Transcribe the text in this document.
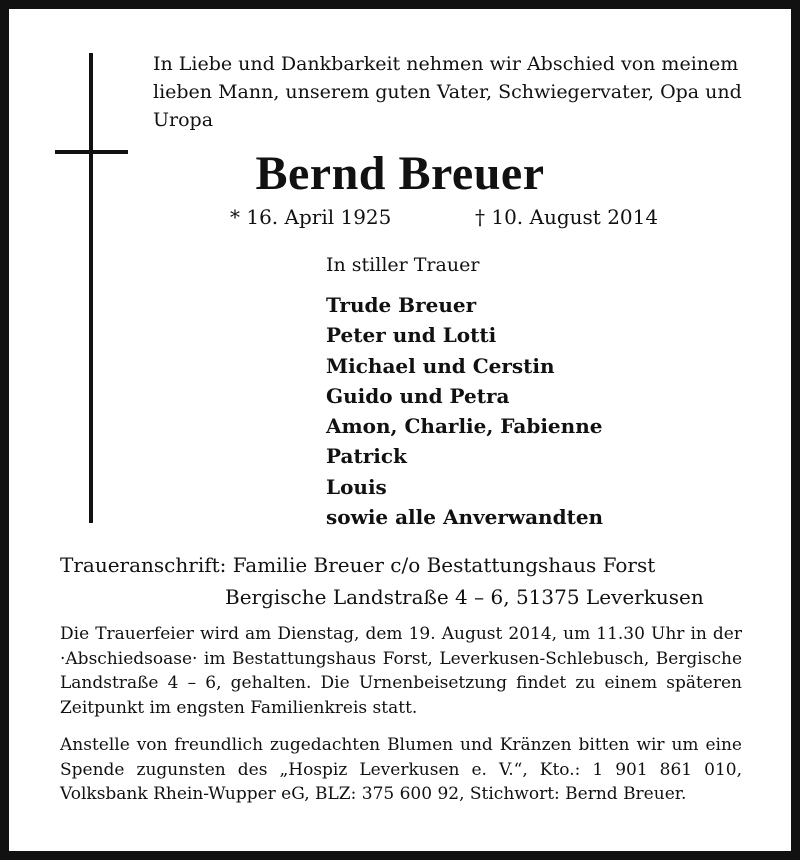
In Liebe und Dankbarkeit nehmen wir Abschied von meinem lieben Mann, unserem guten Vater, Schwiegervater, Opa und Uropa
Bernd Breuer
* 16. April 1925	† 10. August 2014
In stiller Trauer
Trude Breuer
Peter und Lotti
Michael und Cerstin
Guido und Petra
Amon, Charlie, Fabienne
Patrick
Louis
sowie alle Anverwandten
Traueranschrift: Familie Breuer c/o Bestattungshaus Forst
Bergische Landstraße 4 – 6, 51375 Leverkusen
Die Trauerfeier wird am Dienstag, dem 19. August 2014, um 11.30 Uhr in der ·Abschiedsoase· im Bestattungshaus Forst, Leverkusen-Schlebusch, Bergische Landstraße 4 – 6, gehalten. Die Urnenbeisetzung findet zu einem späteren Zeitpunkt im engsten Familienkreis statt.
Anstelle von freundlich zugedachten Blumen und Kränzen bitten wir um eine Spende zugunsten des „Hospiz Leverkusen e. V.“, Kto.: 1 901 861 010, Volksbank Rhein-Wupper eG, BLZ: 375 600 92, Stichwort: Bernd Breuer.
